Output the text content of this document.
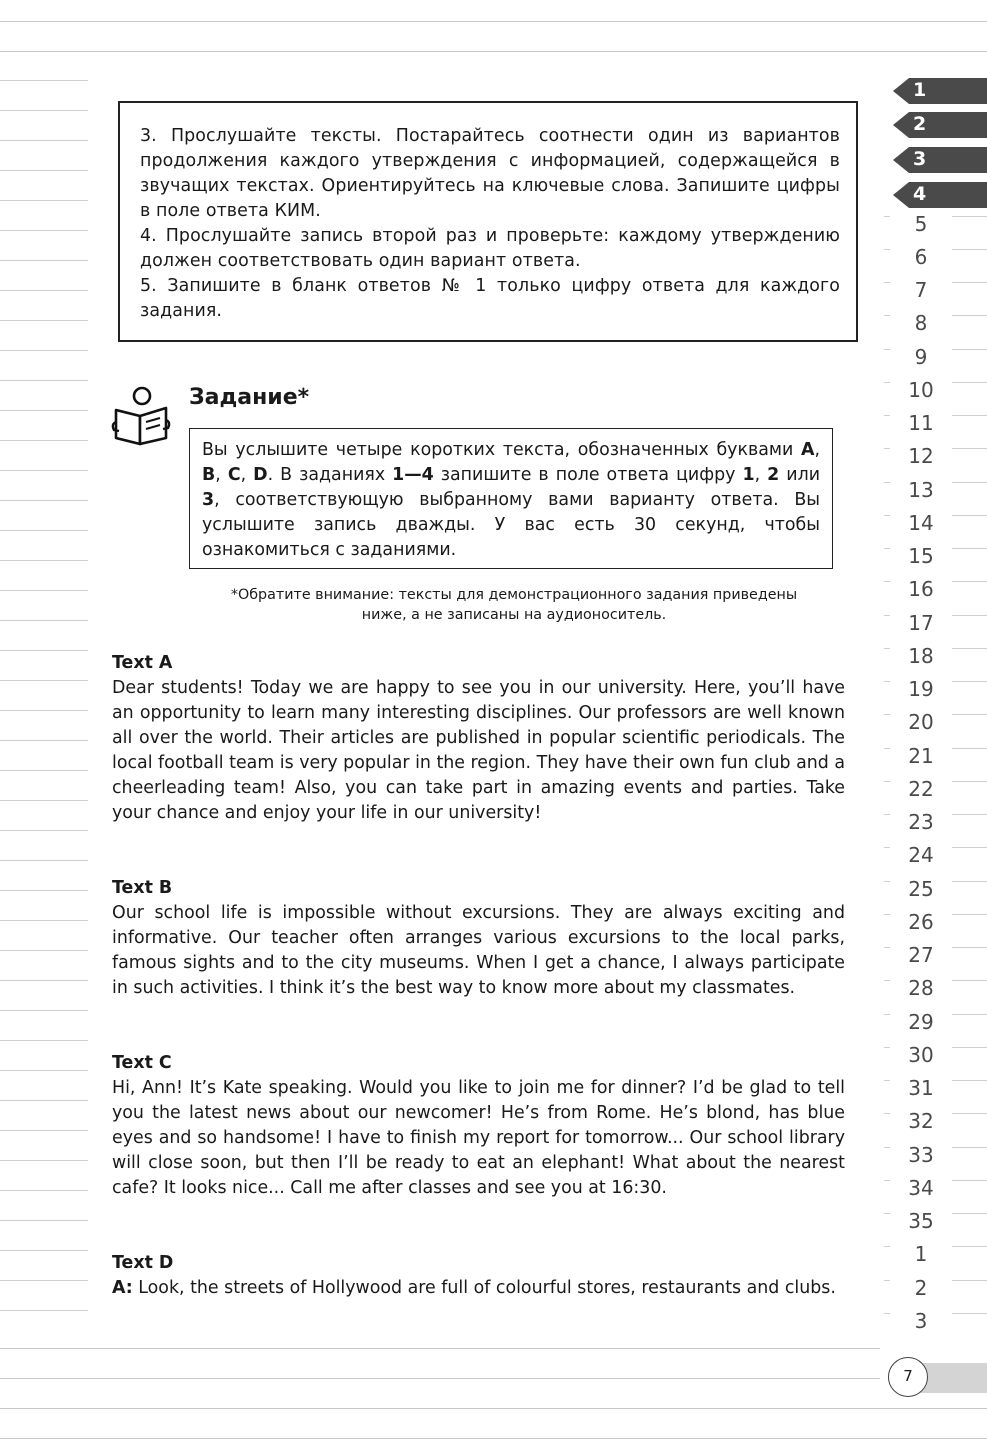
3. Прослушайте тексты. Постарайтесь соотнести один из вариантов продолжения каждого утверждения с информацией, содержащейся в звучащих текстах. Ориентируйтесь на ключевые слова. Запишите цифры в поле ответа КИМ.

4. Прослушайте запись второй раз и проверьте: каждому утверждению должен соответствовать один вариант ответа.

5. Запишите в бланк ответов № 1 только цифру ответа для каждого задания.

Задание*

Вы услышите четыре коротких текста, обозначенных буквами A, B, C, D. В заданиях 1—4 запишите в поле ответа цифру 1, 2 или 3, соответствующую выбранному вами варианту ответа. Вы услышите запись дважды. У вас есть 30 секунд, чтобы ознакомиться с заданиями.

*Обратите внимание: тексты для демонстрационного задания приведены
ниже, а не записаны на аудионоситель.
Text A

Dear students! Today we are happy to see you in our university. Here, you’ll have an opportunity to learn many interesting disciplines. Our professors are well known all over the world. Their articles are published in popular scientific periodicals. The local football team is very popular in the region. They have their own fun club and a cheerleading team! Also, you can take part in amazing events and parties. Take your chance and enjoy your life in our university!

Text B

Our school life is impossible without excursions. They are always exciting and informative. Our teacher often arranges various excursions to the local parks, famous sights and to the city museums. When I get a chance, I always participate in such activities. I think it’s the best way to know more about my classmates.

Text C

Hi, Ann! It’s Kate speaking. Would you like to join me for dinner? I’d be glad to tell you the latest news about our newcomer! He’s from Rome. He’s blond, has blue eyes and so handsome! I have to finish my report for tomorrow... Our school library will close soon, but then I’ll be ready to eat an elephant! What about the nearest cafe? It looks nice... Call me after classes and see you at 16:30.

Text D

A: Look, the streets of Hollywood are full of colourful stores, restaurants and clubs.

1
2
3
4
5
6
7
8
9
10
11
12
13
14
15
16
17
18
19
20
21
22
23
24
25
26
27
28
29
30
31
32
33
34
35
1
2
3
7
